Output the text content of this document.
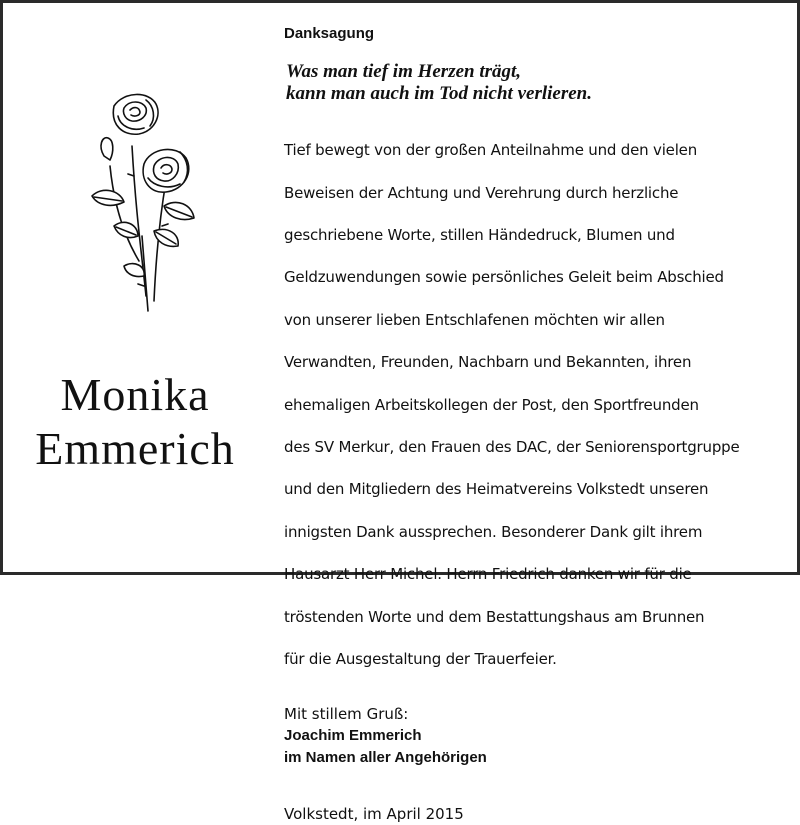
Monika
Emmerich
Danksagung
Was man tief im Herzen trägt,
kann man auch im Tod nicht verlieren.

Tief bewegt von der großen Anteilnahme und den vielen

Beweisen der Achtung und Verehrung durch herzliche

geschriebene Worte, stillen Händedruck, Blumen und

Geldzuwendungen sowie persönliches Geleit beim Abschied

von unserer lieben Entschlafenen möchten wir allen

Verwandten, Freunden, Nachbarn und Bekannten, ihren

ehemaligen Arbeitskollegen der Post, den Sportfreunden

des SV Merkur, den Frauen des DAC, der Seniorensportgruppe

und den Mitgliedern des Heimatvereins Volkstedt unseren

innigsten Dank aussprechen. Besonderer Dank gilt ihrem

Hausarzt Herr Michel. Herrn Friedrich danken wir für die

tröstenden Worte und dem Bestattungshaus am Brunnen

für die Ausgestaltung der Trauerfeier.

Mit stillem Gruß:
Joachim Emmerich
im Namen aller Angehörigen
Volkstedt, im April 2015
